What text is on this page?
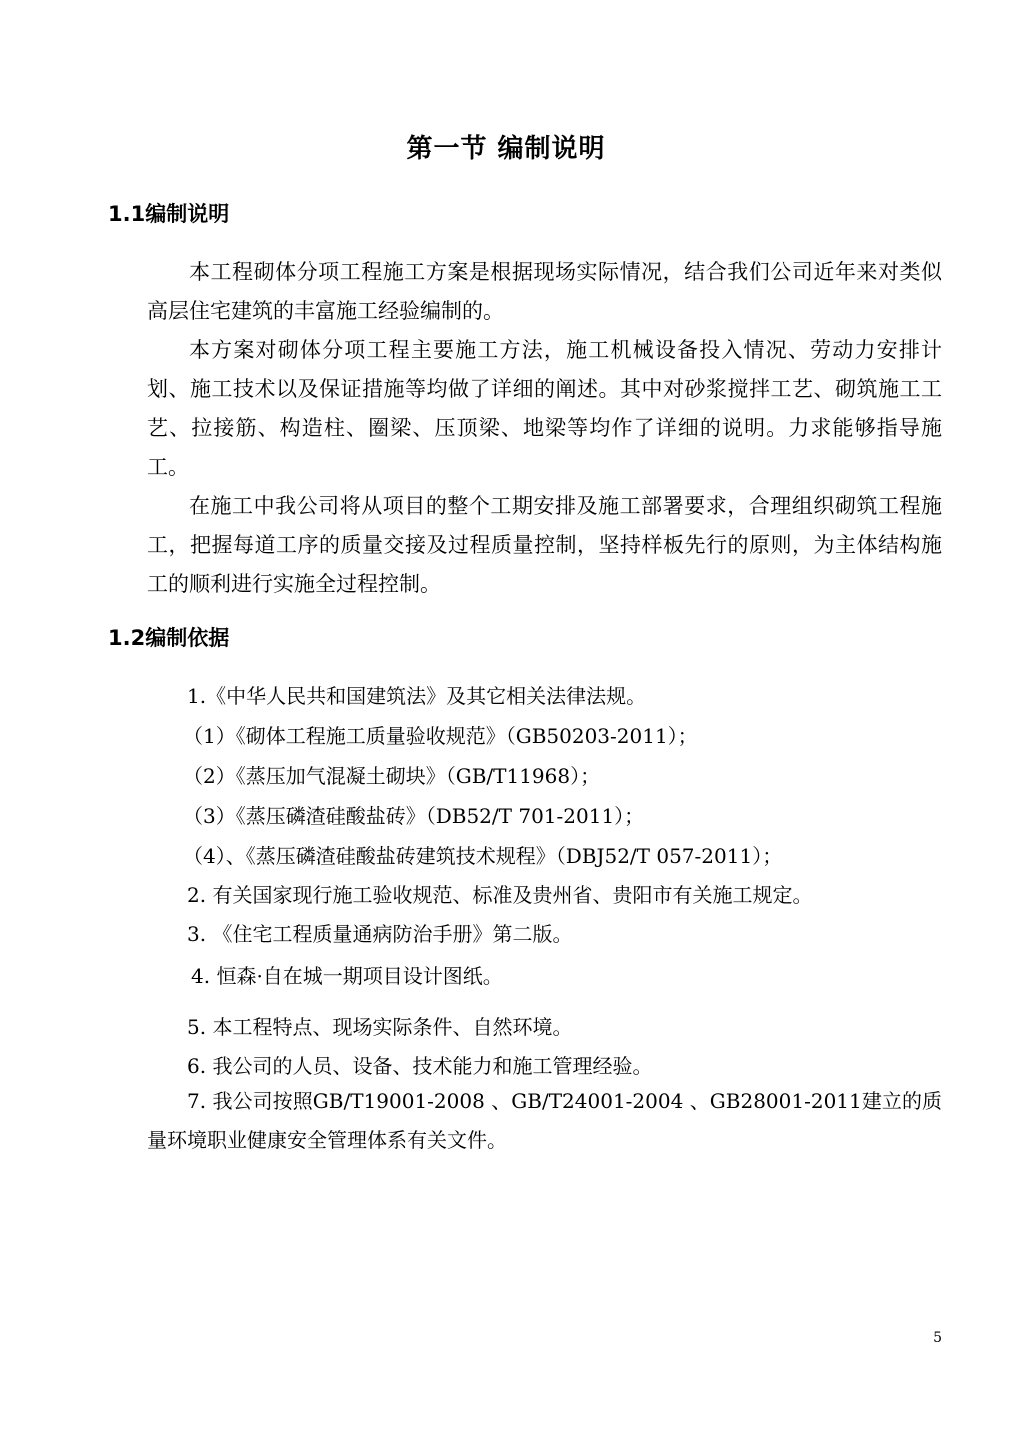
第一节 编制说明
1.1编制说明

本工程砌体分项工程施工方案是根据现场实际情况，结合我们公司近年来对类似高层住宅建筑的丰富施工经验编制的。

本方案对砌体分项工程主要施工方法，施工机械设备投入情况、劳动力安排计划、施工技术以及保证措施等均做了详细的阐述。其中对砂浆搅拌工艺、砌筑施工工艺、拉接筋、构造柱、圈梁、压顶梁、地梁等均作了详细的说明。力求能够指导施工。

在施工中我公司将从项目的整个工期安排及施工部署要求，合理组织砌筑工程施工，把握每道工序的质量交接及过程质量控制，坚持样板先行的原则，为主体结构施工的顺利进行实施全过程控制。

1.2编制依据
1.《中华人民共和国建筑法》及其它相关法律法规。
（1）《砌体工程施工质量验收规范》（GB50203-2011）；
（2）《蒸压加气混凝土砌块》（GB/T11968）；
（3）《蒸压磷渣硅酸盐砖》（DB52/T 701-2011）；
（4）、《蒸压磷渣硅酸盐砖建筑技术规程》（DBJ52/T 057-2011）；
2. 有关国家现行施工验收规范、标准及贵州省、贵阳市有关施工规定。
3. 《住宅工程质量通病防治手册》第二版。
4. 恒森·自在城一期项目设计图纸。
5. 本工程特点、现场实际条件、自然环境。
6. 我公司的人员、设备、技术能力和施工管理经验。
7. 我公司按照GB/T19001-2008 、GB/T24001-2004 、GB28001-2011建立的质量环境职业健康安全管理体系有关文件。
5
